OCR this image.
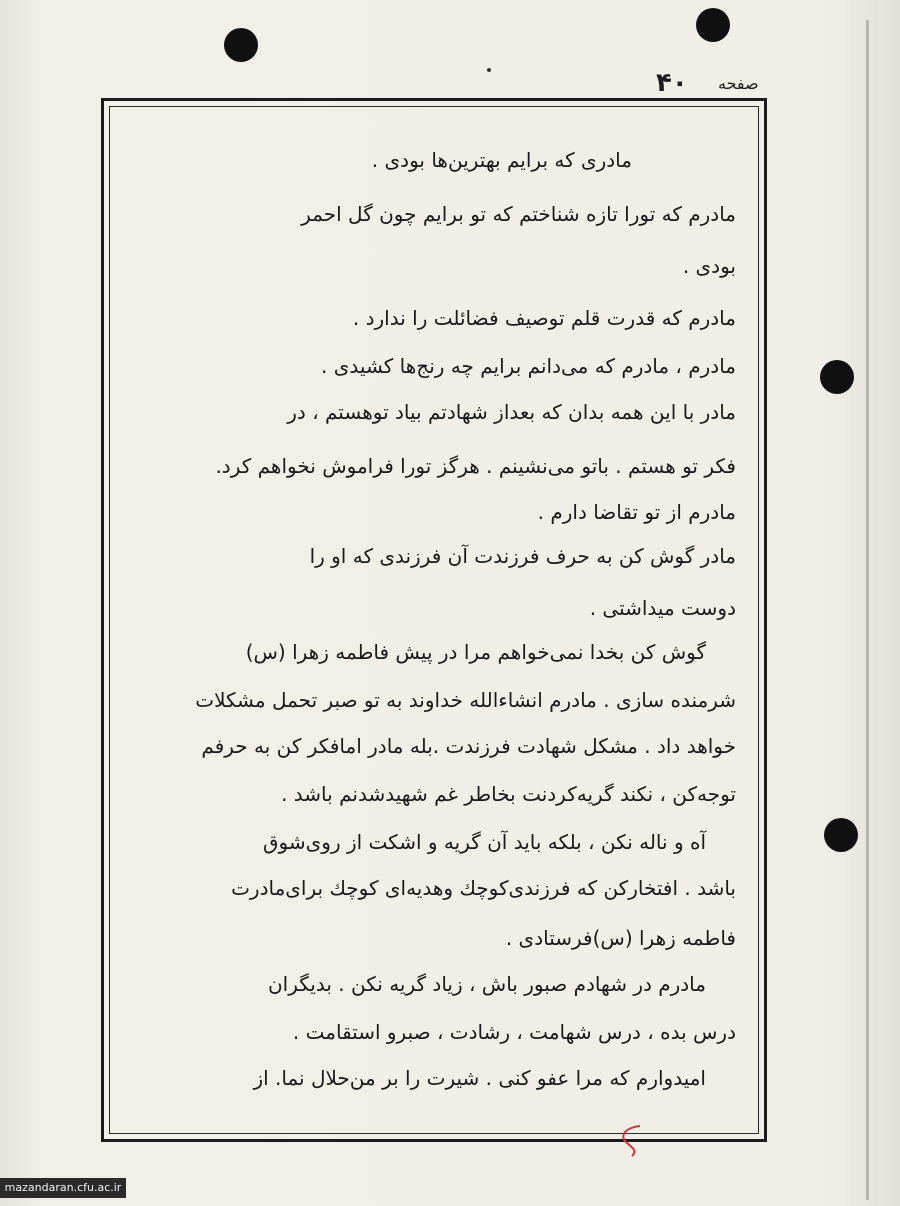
صفحه
۴۰
مادری که برایم بهترین‌ها بودی .
مادرم که تورا تازه شناختم که تو برایم چون گل احمر
بودی .
مادرم که قدرت قلم توصیف فضائلت را ندارد .
مادرم ، مادرم که می‌دانم برایم چه رنج‌ها کشیدی .
مادر با این همه بدان که بعداز شهادتم بیاد توهستم ، در
فکر تو هستم . باتو می‌نشینم . هرگز تورا فراموش نخواهم کرد.
مادرم از تو تقاضا دارم .
مادر گوش کن به حرف فرزندت آن فرزندی که او را
دوست میداشتی .
گوش کن بخدا نمی‌خواهم مرا در پیش فاطمه زهرا (س)
شرمنده سازی . مادرم انشاءالله خداوند به تو صبر تحمل مشکلات
خواهد داد . مشکل شهادت فرزندت .بله مادر امافکر کن به حرفم
توجه‌کن ، نکند گریه‌کردنت بخاطر غم شهیدشدنم باشد .
آه و ناله نکن ، بلکه باید آن گریه و اشکت از روی‌شوق
باشد . افتخارکن که فرزندی‌کوچك وهدیه‌ای کوچك برای‌مادرت
فاطمه زهرا (س)فرستادی .
مادرم در شهادم صبور باش ، زیاد گریه نکن . بدیگران
درس بده ، درس شهامت ، رشادت ، صبرو استقامت .
امیدوارم که مرا عفو کنی . شیرت را بر من‌حلال نما. از
mazandaran.cfu.ac.ir
